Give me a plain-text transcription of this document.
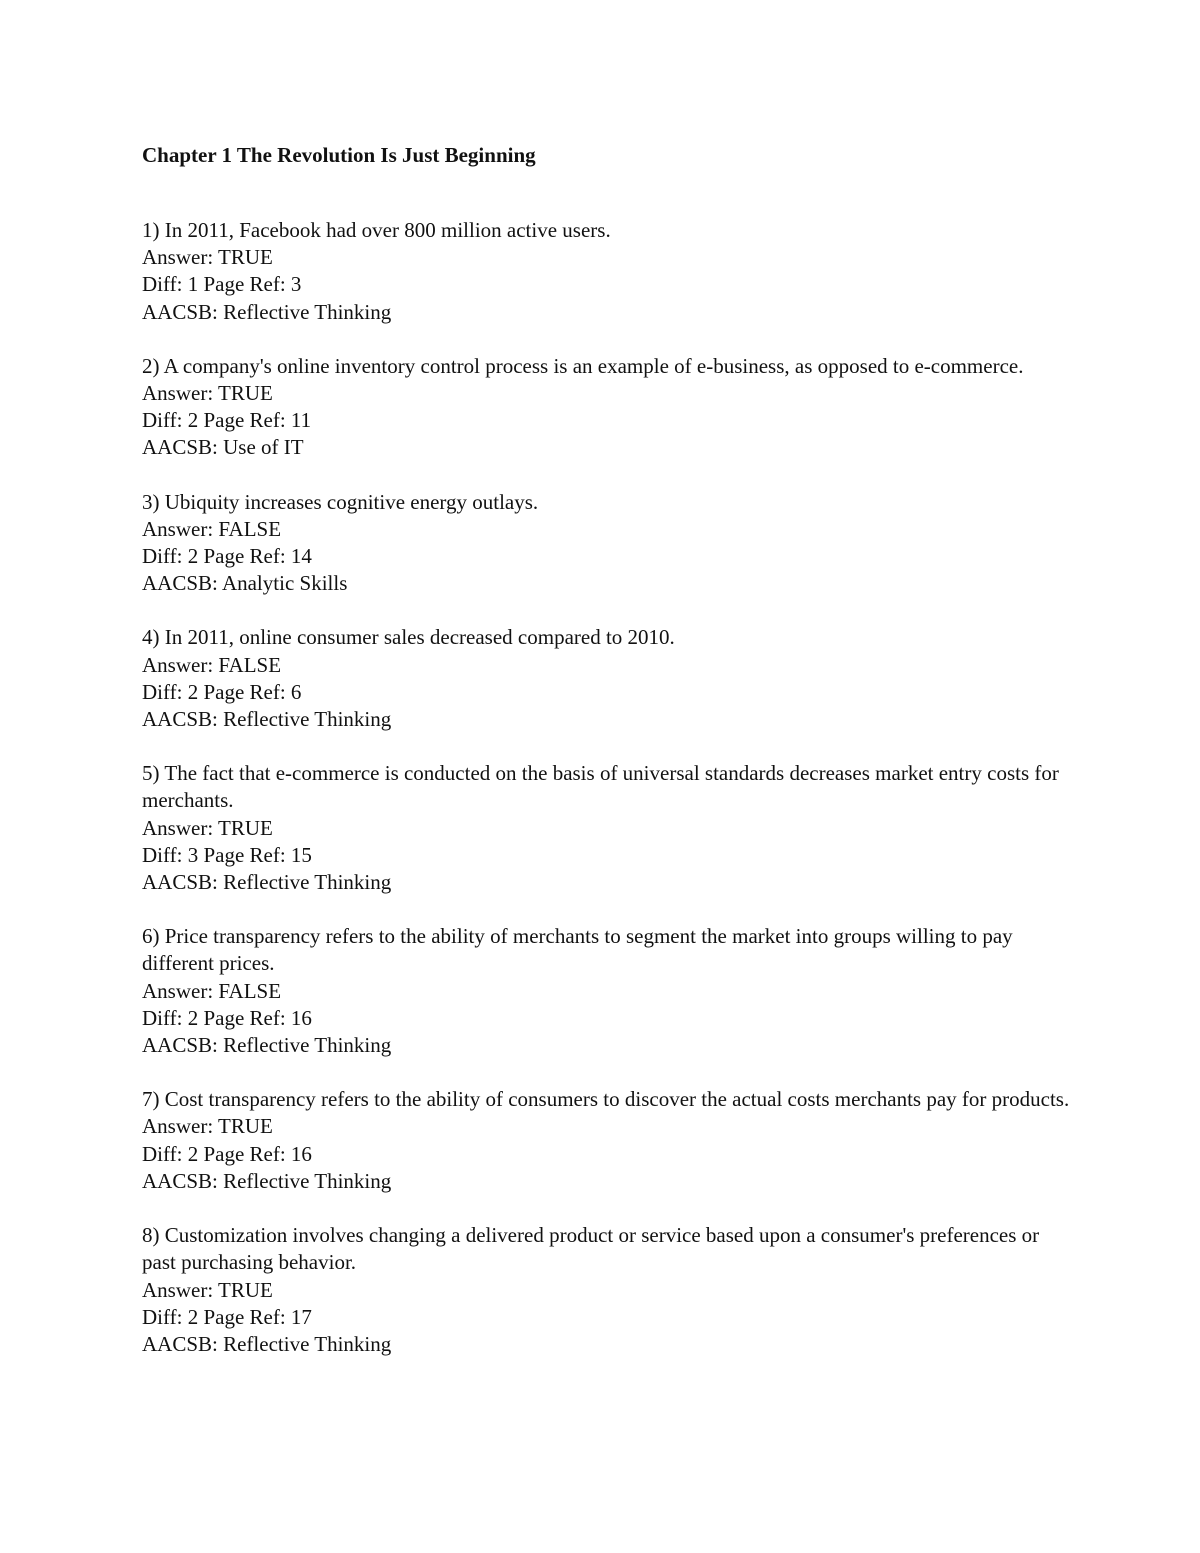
Chapter 1 The Revolution Is Just Beginning
1) In 2011, Facebook had over 800 million active users.
Answer: TRUE
Diff: 1 Page Ref: 3
AACSB: Reflective Thinking
2) A company's online inventory control process is an example of e-business, as opposed to e-commerce.
Answer: TRUE
Diff: 2 Page Ref: 11
AACSB: Use of IT
3) Ubiquity increases cognitive energy outlays.
Answer: FALSE
Diff: 2 Page Ref: 14
AACSB: Analytic Skills
4) In 2011, online consumer sales decreased compared to 2010.
Answer: FALSE
Diff: 2 Page Ref: 6
AACSB: Reflective Thinking
5) The fact that e-commerce is conducted on the basis of universal standards decreases market entry costs for merchants.
Answer: TRUE
Diff: 3 Page Ref: 15
AACSB: Reflective Thinking
6) Price transparency refers to the ability of merchants to segment the market into groups willing to pay different prices.
Answer: FALSE
Diff: 2 Page Ref: 16
AACSB: Reflective Thinking
7) Cost transparency refers to the ability of consumers to discover the actual costs merchants pay for products.
Answer: TRUE
Diff: 2 Page Ref: 16
AACSB: Reflective Thinking
8) Customization involves changing a delivered product or service based upon a consumer's preferences or past purchasing behavior.
Answer: TRUE
Diff: 2 Page Ref: 17
AACSB: Reflective Thinking
